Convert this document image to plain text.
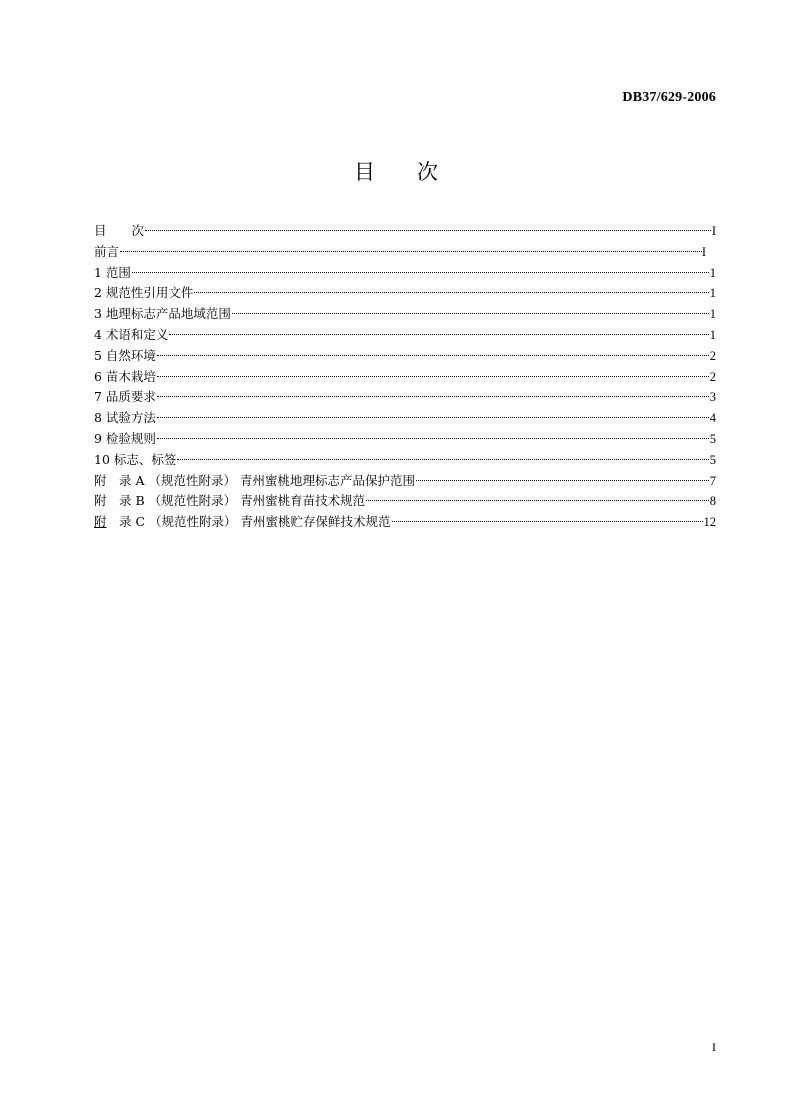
DB37/629-2006
目　　次
目　　次	I
前言	I
1 范围	1
2 规范性引用文件	1
3 地理标志产品地域范围	1
4 术语和定义	1
5 自然环境	2
6 苗木栽培	2
7 品质要求	3
8 试验方法	4
9 检验规则	5
10 标志、标签	5
附　录 A （规范性附录） 青州蜜桃地理标志产品保护范围	7
附　录 B （规范性附录） 青州蜜桃育苗技术规范	8
附　录 C （规范性附录） 青州蜜桃贮存保鲜技术规范	12
I
